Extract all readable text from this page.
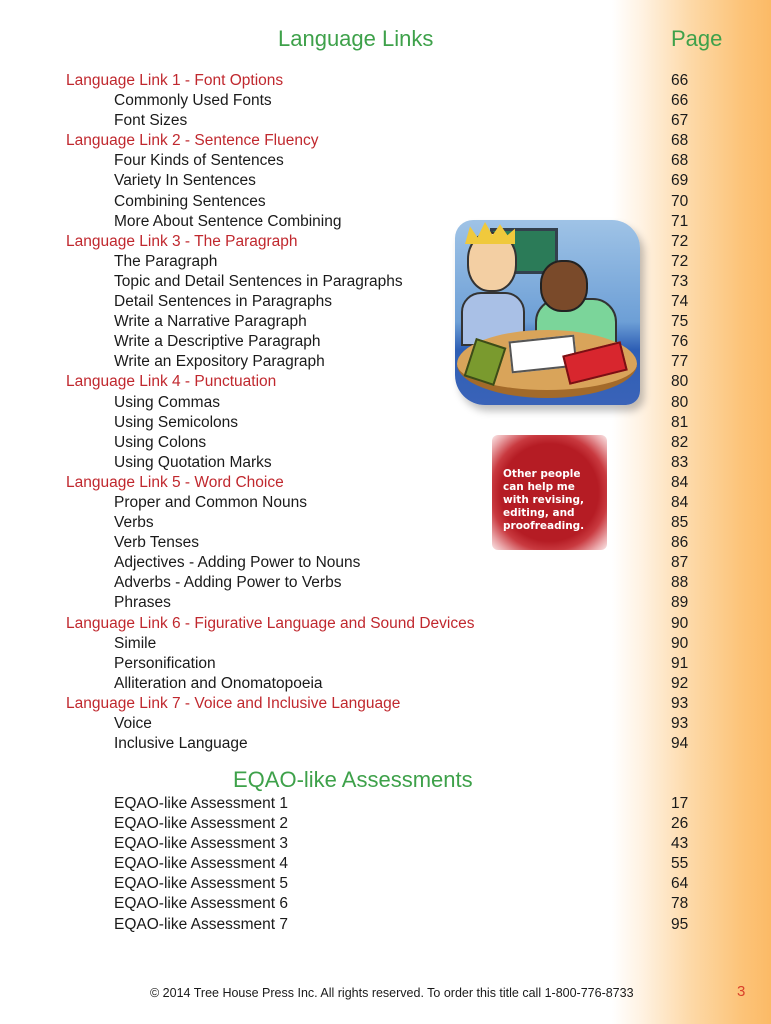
Language Links	Page
Language Link 1 - Font Options	66
Commonly Used Fonts	66
Font Sizes	67
Language Link 2 - Sentence Fluency	68
Four Kinds of Sentences	68
Variety In Sentences	69
Combining Sentences	70
More About Sentence Combining	71
Language Link 3 - The Paragraph	72
The Paragraph	72
Topic and Detail Sentences in Paragraphs	73
Detail Sentences in Paragraphs	74
Write a Narrative Paragraph	75
Write a Descriptive Paragraph	76
Write an Expository Paragraph	77
Language Link 4 - Punctuation	80
Using Commas	80
Using Semicolons	81
Using Colons	82
Using Quotation Marks	83
Language Link 5 - Word Choice	84
Proper and Common Nouns	84
Verbs	85
Verb Tenses	86
Adjectives - Adding Power to Nouns	87
Adverbs - Adding Power to Verbs	88
Phrases	89
Language Link 6 - Figurative Language and Sound Devices	90
Simile	90
Personification	91
Alliteration and Onomatopoeia	92
Language Link 7 - Voice and Inclusive Language	93
Voice	93
Inclusive Language	94
EQAO-like Assessments
EQAO-like Assessment 1	17
EQAO-like Assessment 2	26
EQAO-like Assessment 3	43
EQAO-like Assessment 4	55
EQAO-like Assessment 5	64
EQAO-like Assessment 6	78
EQAO-like Assessment 7	95
Other people can help me with revising, editing, and proofreading.
© 2014 Tree House Press Inc. All rights reserved. To order this title call 1-800-776-8733	3
